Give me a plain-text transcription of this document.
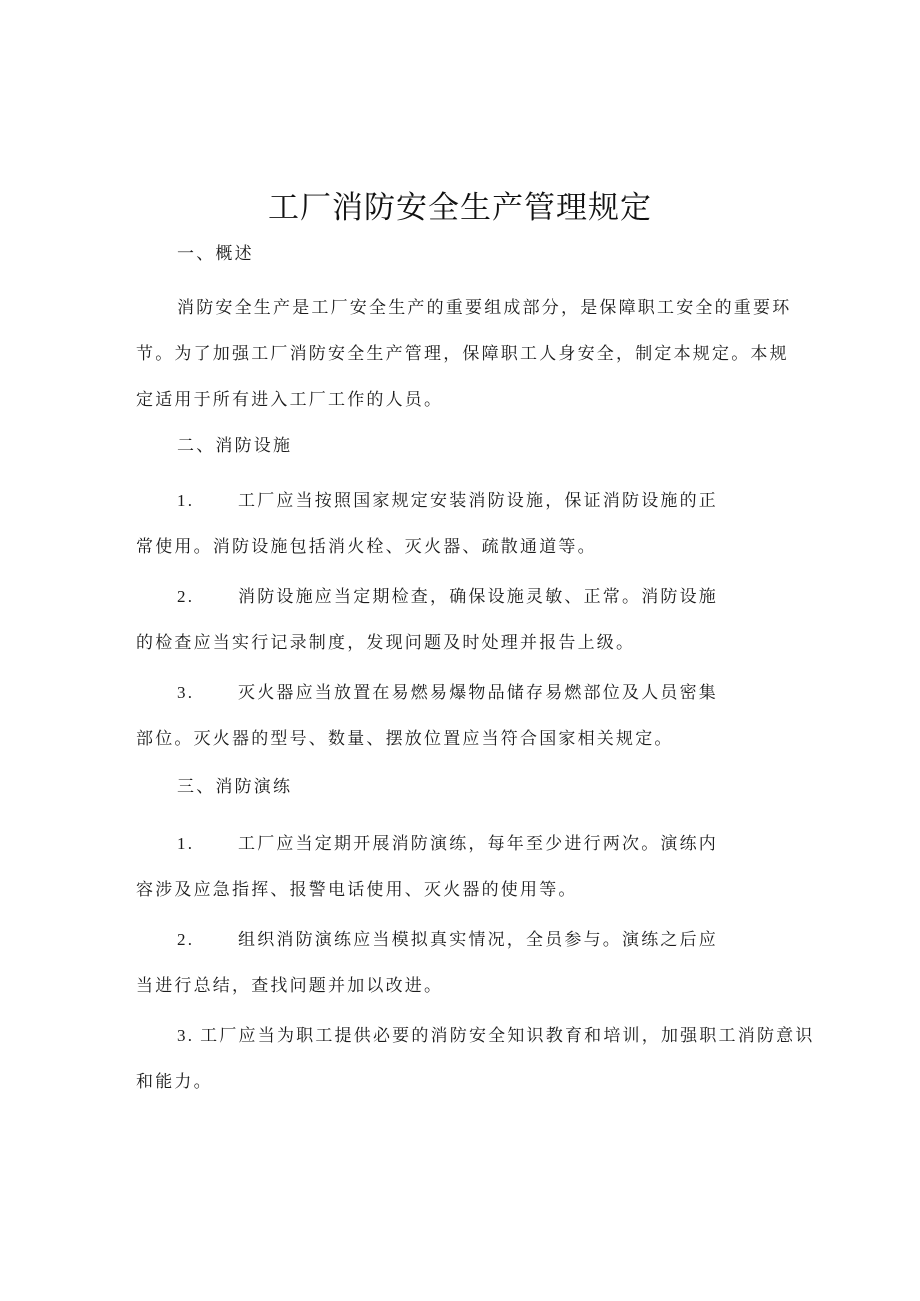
工厂消防安全生产管理规定
一、概述
消防安全生产是工厂安全生产的重要组成部分，是保障职工安全的重要环
节。为了加强工厂消防安全生产管理，保障职工人身安全，制定本规定。本规定适用于所有进入工厂工作的人员。
二、消防设施
1.	工厂应当按照国家规定安装消防设施，保证消防设施的正
常使用。消防设施包括消火栓、灭火器、疏散通道等。
2.	消防设施应当定期检查，确保设施灵敏、正常。消防设施
的检查应当实行记录制度，发现问题及时处理并报告上级。
3.	灭火器应当放置在易燃易爆物品储存易燃部位及人员密集
部位。灭火器的型号、数量、摆放位置应当符合国家相关规定。
三、消防演练
1.	工厂应当定期开展消防演练，每年至少进行两次。演练内
容涉及应急指挥、报警电话使用、灭火器的使用等。
2.	组织消防演练应当模拟真实情况，全员参与。演练之后应
当进行总结，查找问题并加以改进。
3. 工厂应当为职工提供必要的消防安全知识教育和培训，加强职工消防意识
和能力。
